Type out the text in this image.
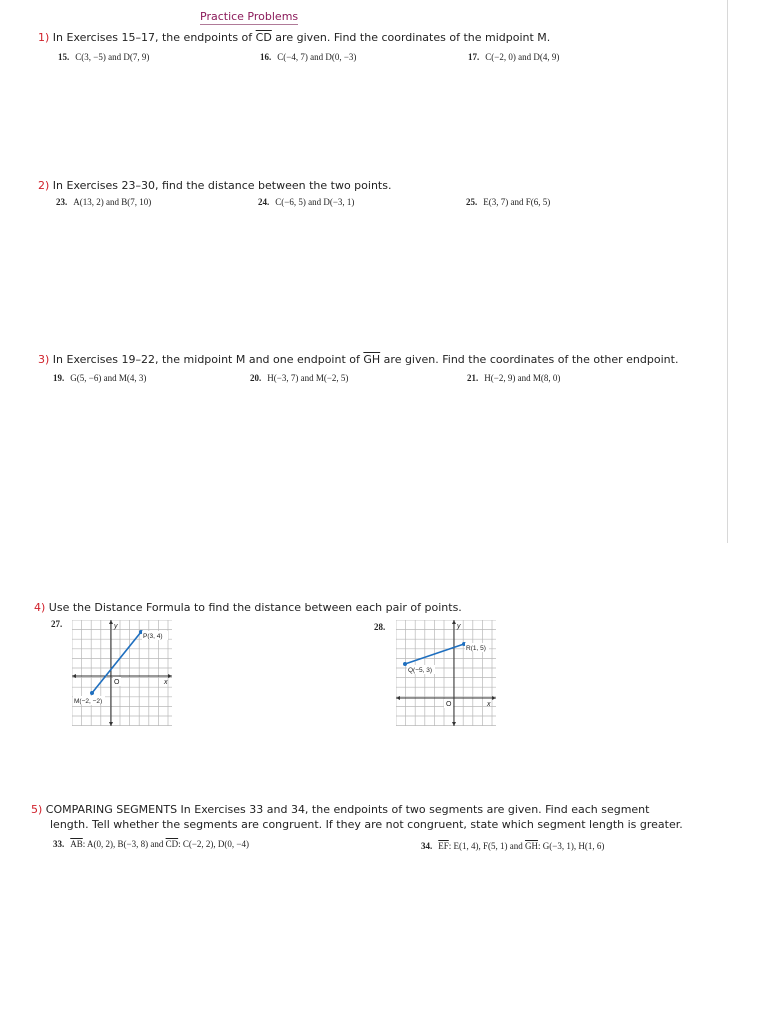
Practice Problems
1) In Exercises 15–17, the endpoints of $\overline{CD}$ are given. Find the coordinates of the midpoint M.
15. C(3, −5) and D(7, 9)	16. C(−4, 7) and D(0, −3)	17. C(−2, 0) and D(4, 9)
2) In Exercises 23–30, find the distance between the two points.
23. A(13, 2) and B(7, 10)	24. C(−6, 5) and D(−3, 1)	25. E(3, 7) and F(6, 5)
3) In Exercises 19–22, the midpoint M and one endpoint of $\overline{GH}$ are given. Find the coordinates of the other endpoint.
19. G(5, −6) and M(4, 3)	20. H(−3, 7) and M(−2, 5)	21. H(−2, 9) and M(8, 0)
4) Use the Distance Formula to find the distance between each pair of points.
27.
P(3, 4)
M(−2, −2)
O
y
x
28.
R(1, 5)
Q(−5, 3)
O
y
x
5) COMPARING SEGMENTS In Exercises 33 and 34, the endpoints of two segments are given. Find each segment
length. Tell whether the segments are congruent. If they are not congruent, state which segment length is greater.
33. $\overline{AB}$: A(0, 2), B(−3, 8) and $\overline{CD}$: C(−2, 2), D(0, −4)	34. $\overline{EF}$: E(1, 4), F(5, 1) and $\overline{GH}$: G(−3, 1), H(1, 6)
